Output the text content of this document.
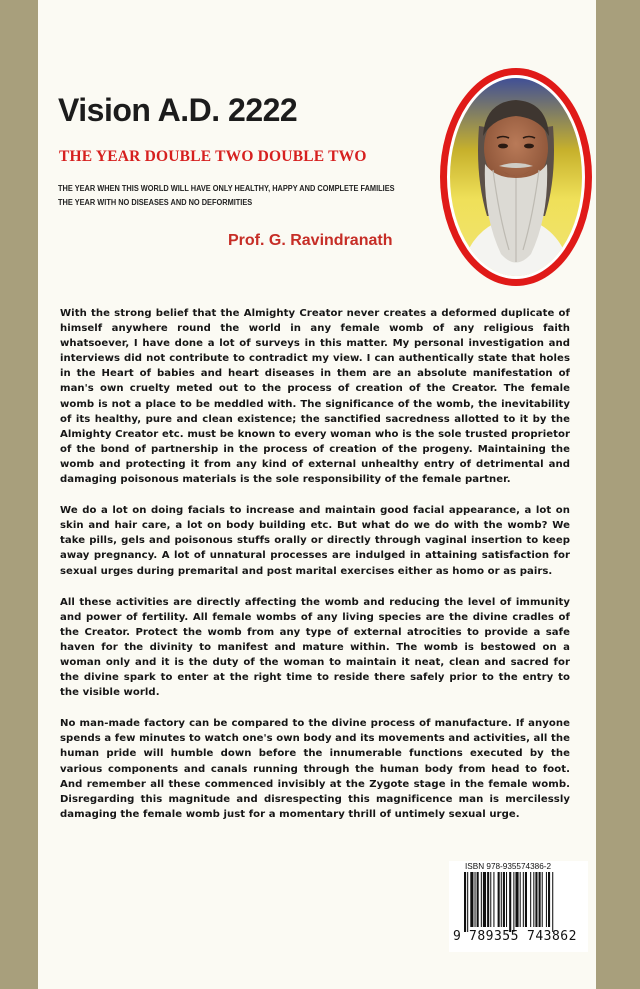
Vision A.D. 2222
THE YEAR DOUBLE TWO DOUBLE TWO
THE YEAR WHEN THIS WORLD WILL HAVE ONLY HEALTHY, HAPPY AND COMPLETE FAMILIES
THE YEAR WITH NO DISEASES AND NO DEFORMITIES
Prof. G. Ravindranath

With the strong belief that the Almighty Creator never creates a deformed duplicate of himself anywhere round the world in any female womb of any religious faith whatsoever, I have done a lot of surveys in this matter. My personal investigation and interviews did not contribute to contradict my view. I can authentically state that holes in the Heart of babies and heart diseases in them are an absolute manifestation of man's own cruelty meted out to the process of creation of the Creator. The female womb is not a place to be meddled with. The significance of the womb, the inevitability of its healthy, pure and clean existence; the sanctified sacredness allotted to it by the Almighty Creator etc. must be known to every woman who is the sole trusted proprietor of the bond of partnership in the process of creation of the progeny. Maintaining the womb and protecting it from any kind of external unhealthy entry of detrimental and damaging poisonous materials is the sole responsibility of the female partner.

We do a lot on doing facials to increase and maintain good facial appearance, a lot on skin and hair care, a lot on body building etc. But what do we do with the womb? We take pills, gels and poisonous stuffs orally or directly through vaginal insertion to keep away pregnancy. A lot of unnatural processes are indulged in attaining satisfaction for sexual urges during premarital and post marital exercises either as homo or as pairs.

All these activities are directly affecting the womb and reducing the level of immunity and power of fertility. All female wombs of any living species are the divine cradles of the Creator. Protect the womb from any type of external atrocities to provide a safe haven for the divinity to manifest and mature within. The womb is bestowed on a woman only and it is the duty of the woman to maintain it neat, clean and sacred for the divine spark to enter at the right time to reside there safely prior to the entry to the visible world.

No man-made factory can be compared to the divine process of manufacture. If anyone spends a few minutes to watch one's own body and its movements and activities, all the human pride will humble down before the innumerable functions executed by the various components and canals running through the human body from head to foot. And remember all these commenced invisibly at the Zygote stage in the female womb. Disregarding this magnitude and disrespecting this magnificence man is mercilessly damaging the female womb just for a momentary thrill of untimely sexual urge.

ISBN 978-935574386-2
9 789355 743862
